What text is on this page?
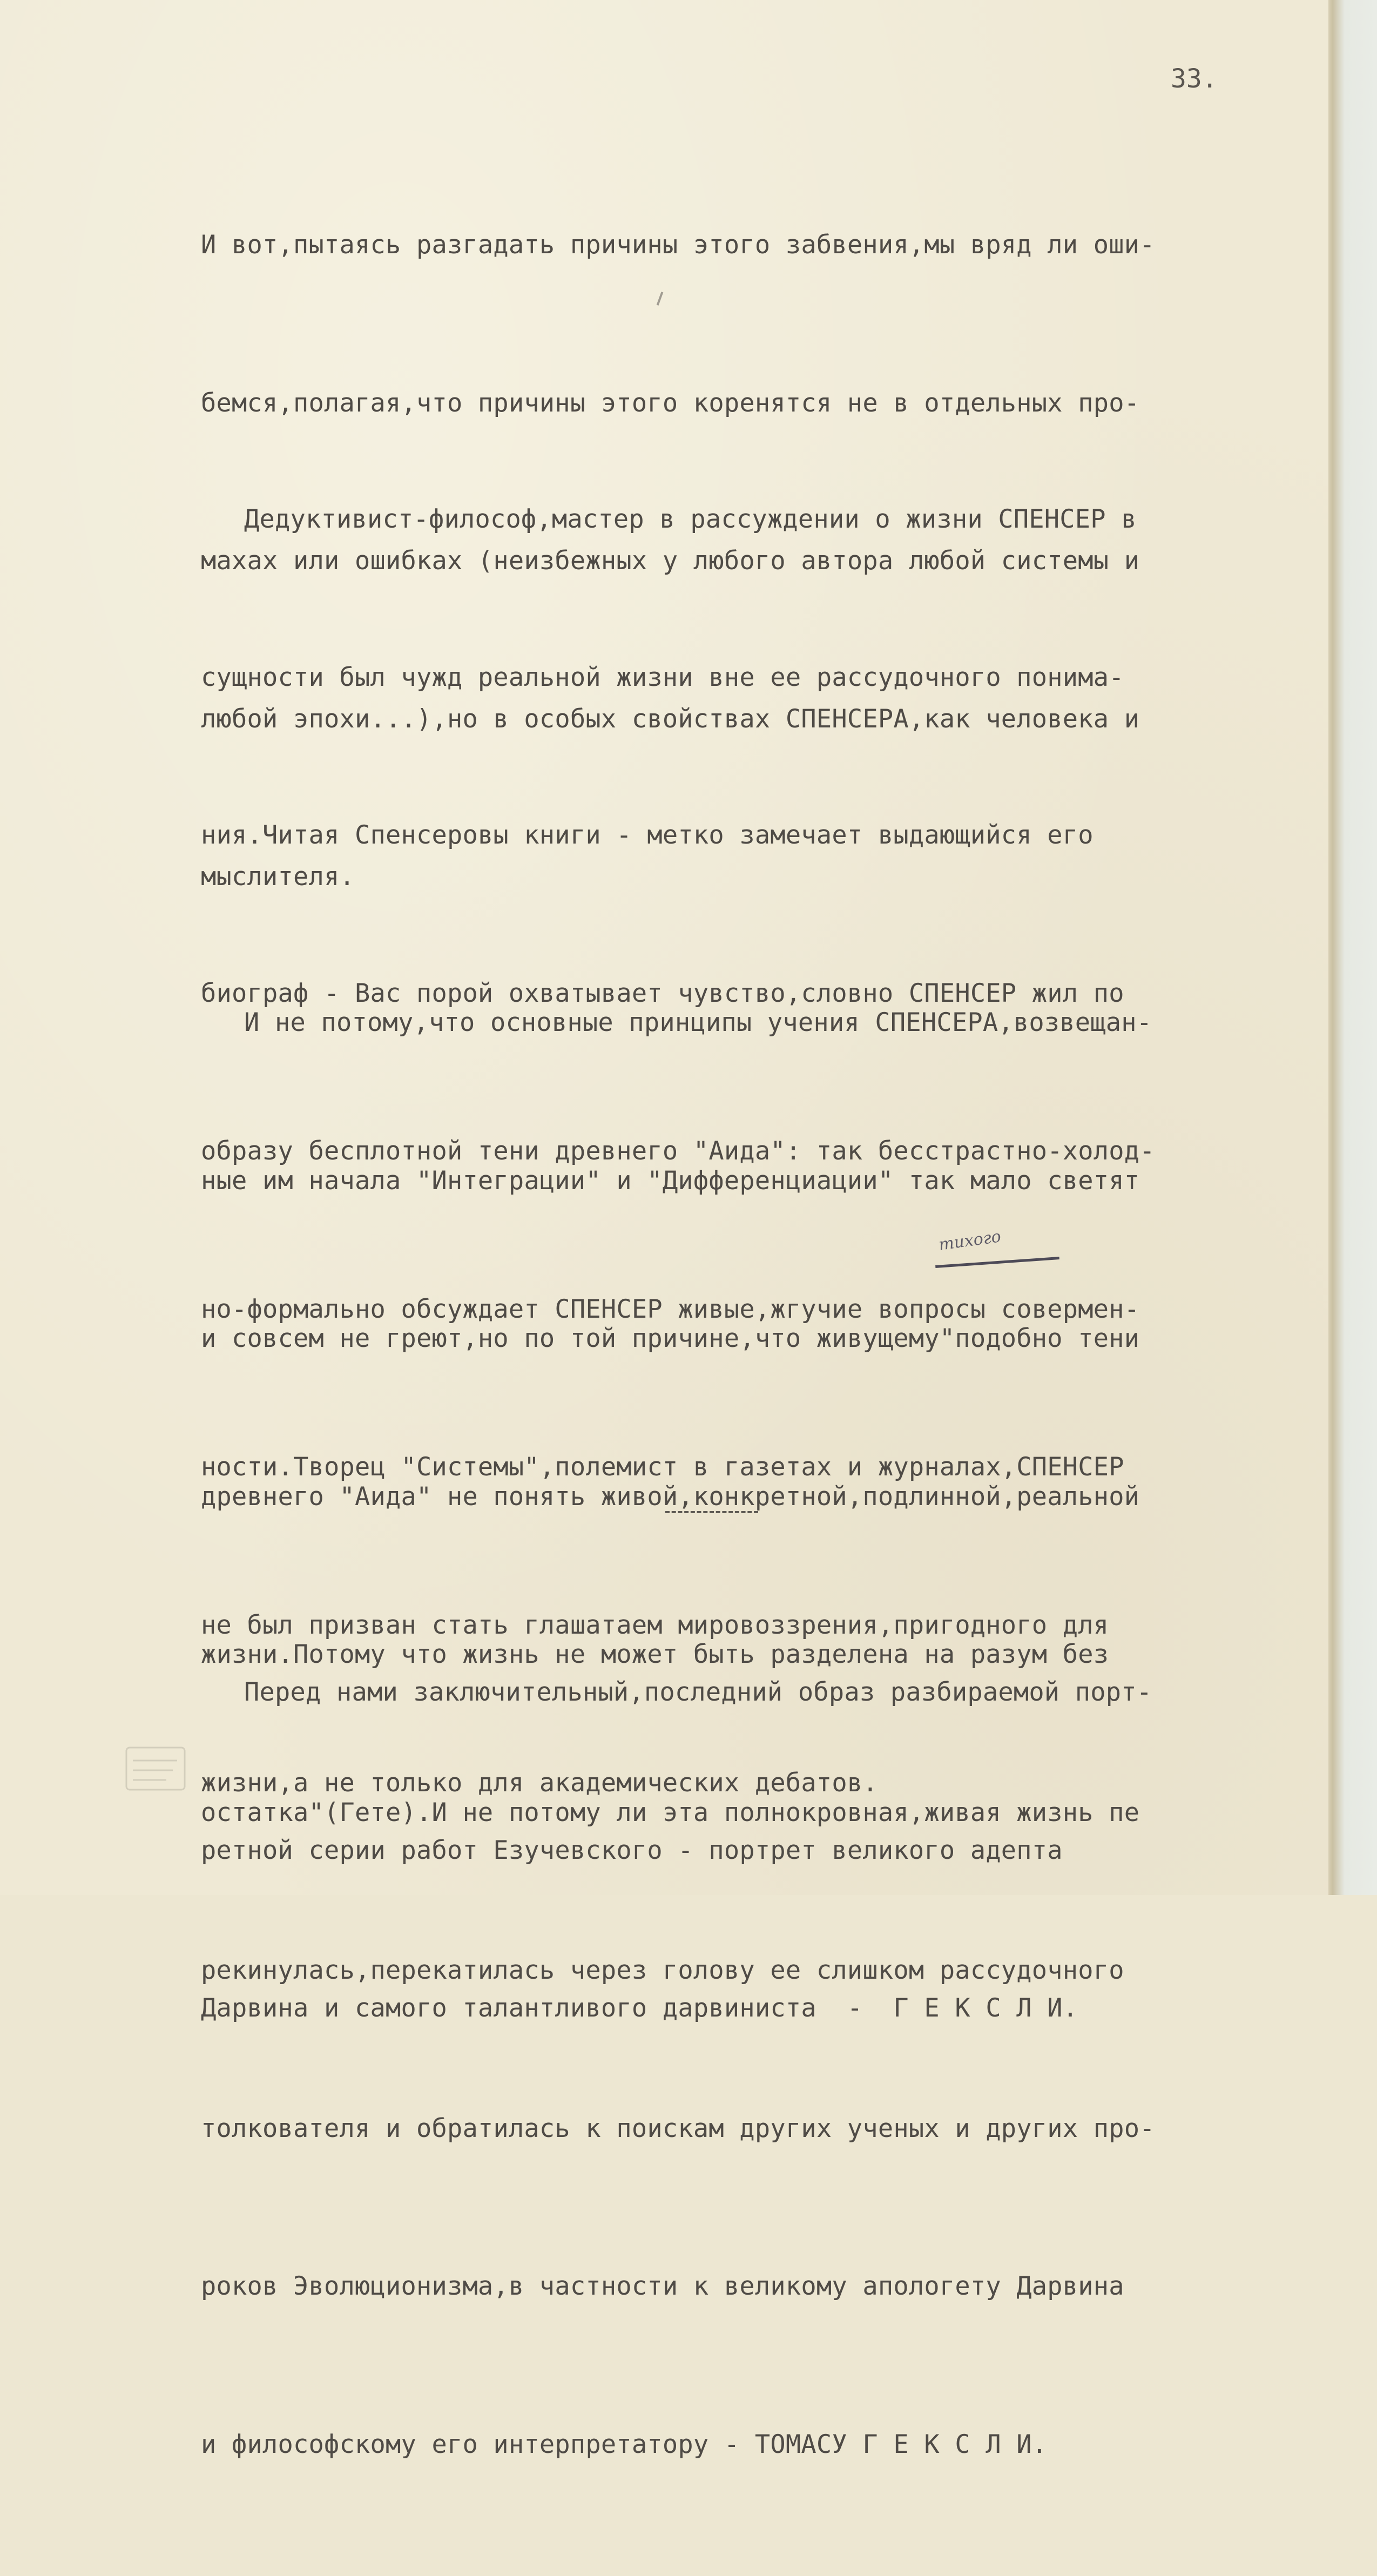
33.

И вот,пытаясь разгадать причины этого забвения,мы вряд ли оши-

бемся,полагая,что причины этого коренятся не в отдельных про-

махах или ошибках (неизбежных у любого автора любой системы и

любой эпохи...),но в особых свойствах СПЕНСЕРА,как человека и

мыслителя.

Дедуктивист-философ,мастер в рассуждении о жизни СПЕНСЕР в

сущности был чужд реальной жизни вне ее рассудочного понима-

ния.Читая Спенсеровы книги - метко замечает выдающийся его

биограф - Вас порой охватывает чувство,словно СПЕНСЕР жил по

образу бесплотной тени древнего "Аида": так бесстрастно-холод-

но-формально обсуждает СПЕНСЕР живые,жгучие вопросы совермен-

ности.Творец "Системы",полемист в газетах и журналах,СПЕНСЕР

не был призван стать глашатаем мировоззрения,пригодного для

жизни,а не только для академических дебатов.

И не потому,что основные принципы учения СПЕНСЕРА,возвещан-

ные им начала "Интеграции" и "Дифференциации" так мало светят

и совсем не греют,но по той причине,что живущему"подобно тени

древнего "Аида" не понять живой,конкретной,подлинной,реальной

жизни.Потому что жизнь не может быть разделена на разум без

остатка"(Гете).И не потому ли эта полнокровная,живая жизнь пе

рекинулась,перекатилась через голову ее слишком рассудочного

толкователя и обратилась к поискам других ученых и других про-

роков Эволюционизма,в частности к великому апологету Дарвина

и философскому его интерпретатору - ТОМАСУ Г Е К С Л И.

тихого

Перед нами заключительный,последний образ разбираемой порт-

ретной серии работ Езучевского - портрет великого адепта

Дарвина и самого талантливого дарвиниста  -  Г Е К С Л И.
